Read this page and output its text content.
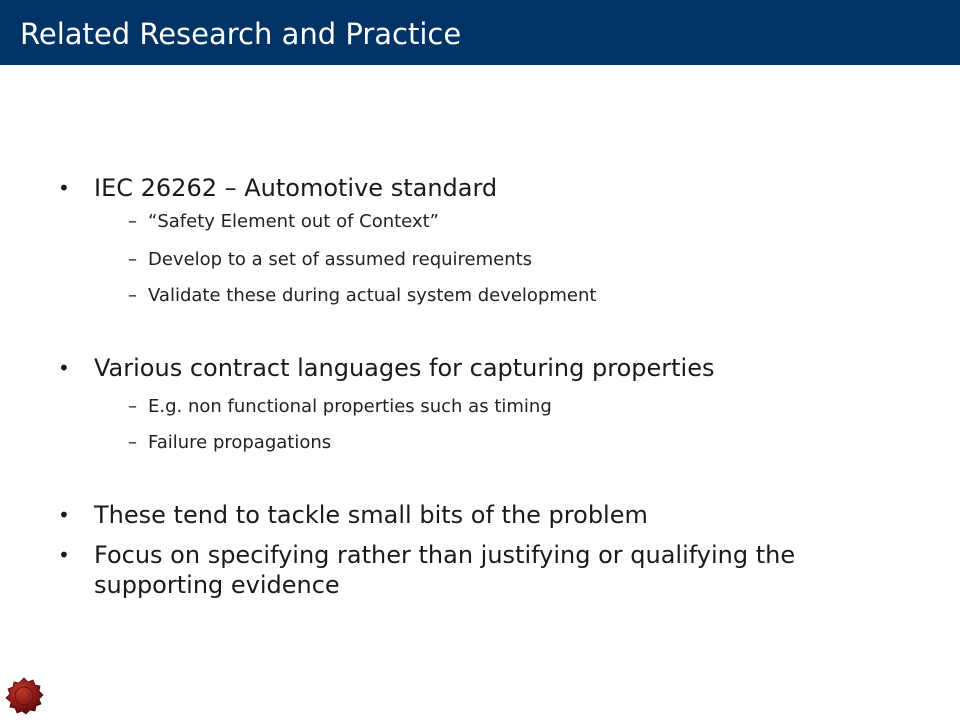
Related Research and Practice
•	IEC 26262 – Automotive standard
– “Safety Element out of Context”
– Develop to a set of assumed requirements
– Validate these during actual system development
•	Various contract languages for capturing properties
– E.g. non functional properties such as timing
– Failure propagations
•	These tend to tackle small bits of the problem
•	Focus on specifying rather than justifying or qualifying the supporting evidence
